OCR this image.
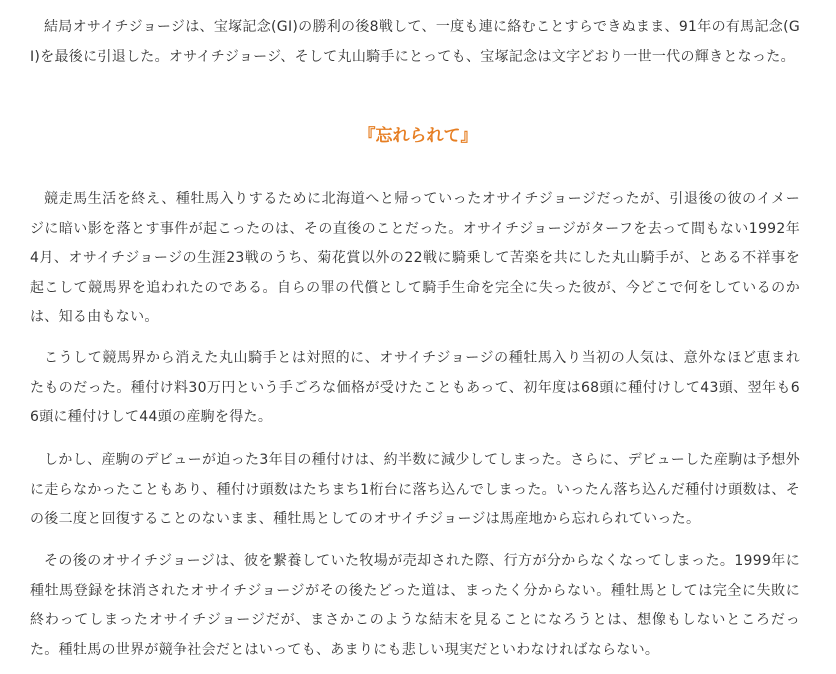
結局オサイチジョージは、宝塚記念(GI)の勝利の後8戦して、一度も連に絡むことすらできぬまま、91年の有馬記念(GI)を最後に引退した。オサイチジョージ、そして丸山騎手にとっても、宝塚記念は文字どおり一世一代の輝きとなった。

『忘れられて』

競走馬生活を終え、種牡馬入りするために北海道へと帰っていったオサイチジョージだったが、引退後の彼のイメージに暗い影を落とす事件が起こったのは、その直後のことだった。オサイチジョージがターフを去って間もない1992年4月、オサイチジョージの生涯23戦のうち、菊花賞以外の22戦に騎乗して苦楽を共にした丸山騎手が、とある不祥事を起こして競馬界を追われたのである。自らの罪の代償として騎手生命を完全に失った彼が、今どこで何をしているのかは、知る由もない。

こうして競馬界から消えた丸山騎手とは対照的に、オサイチジョージの種牡馬入り当初の人気は、意外なほど恵まれたものだった。種付け料30万円という手ごろな価格が受けたこともあって、初年度は68頭に種付けして43頭、翌年も66頭に種付けして44頭の産駒を得た。

しかし、産駒のデビューが迫った3年目の種付けは、約半数に減少してしまった。さらに、デビューした産駒は予想外に走らなかったこともあり、種付け頭数はたちまち1桁台に落ち込んでしまった。いったん落ち込んだ種付け頭数は、その後二度と回復することのないまま、種牡馬としてのオサイチジョージは馬産地から忘れられていった。

その後のオサイチジョージは、彼を繋養していた牧場が売却された際、行方が分からなくなってしまった。1999年に種牡馬登録を抹消されたオサイチジョージがその後たどった道は、まったく分からない。種牡馬としては完全に失敗に終わってしまったオサイチジョージだが、まさかこのような結末を見ることになろうとは、想像もしないところだった。種牡馬の世界が競争社会だとはいっても、あまりにも悲しい現実だといわなければならない。
